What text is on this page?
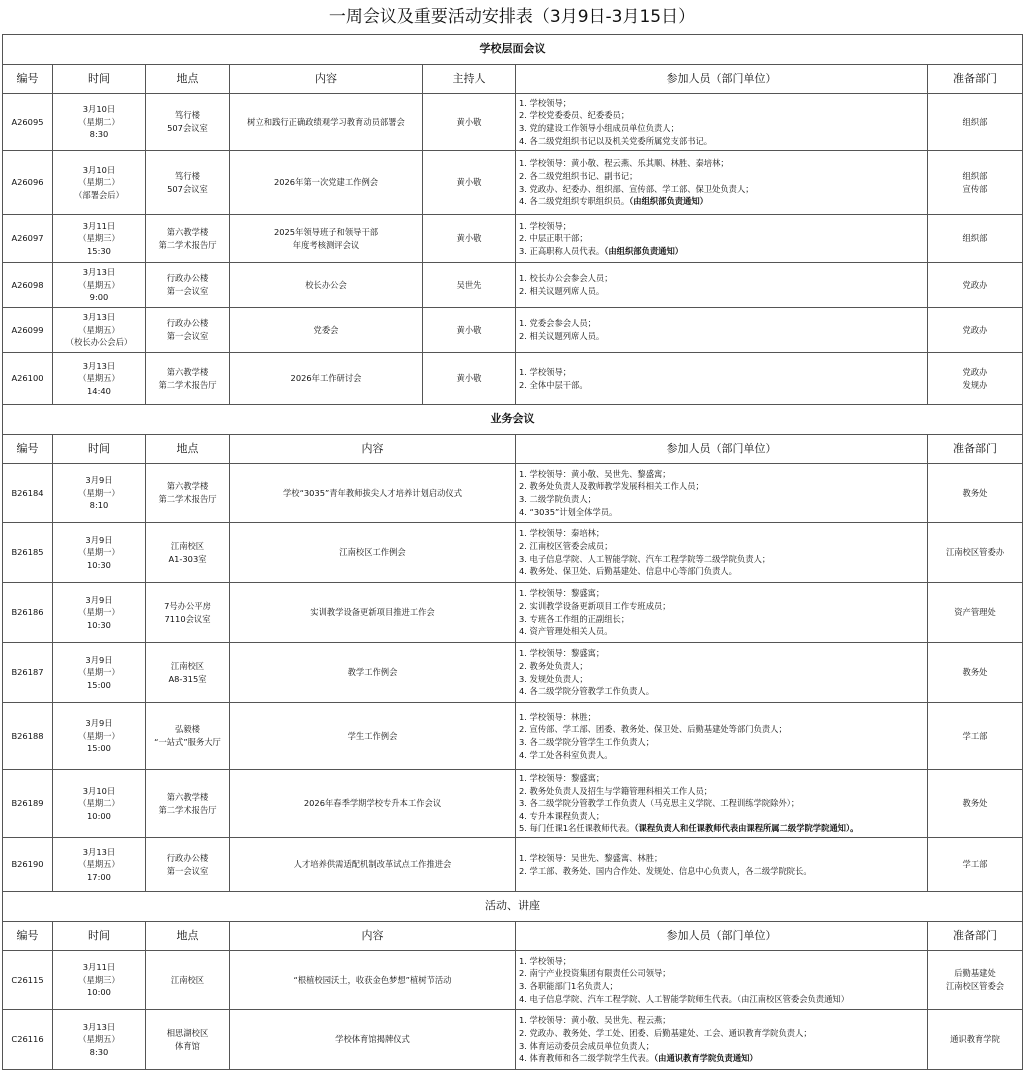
一周会议及重要活动安排表（3月9日-3月15日）
学校层面会议						
编号	时间	地点	内容	主持人	参加人员（部门单位）	准备部门
A26095	3月10日
（星期二）
8:30	笃行楼
507会议室	树立和践行正确政绩观学习教育动员部署会	黄小敬	1. 学校领导；
2. 学校党委委员、纪委委员；
3. 党的建设工作领导小组成员单位负责人；
4. 各二级党组织书记以及机关党委所属党支部书记。	组织部

A26096	3月10日
（星期二）
（部署会后）	笃行楼
507会议室	2026年第一次党建工作例会	黄小敬	1. 学校领导：黄小敬、程云燕、乐其顺、林胜、秦培林；
2. 各二级党组织书记、副书记；
3. 党政办、纪委办、组织部、宣传部、学工部、保卫处负责人；
4. 各二级党组织专职组织员。（由组织部负责通知）	组织部
宣传部

A26097	3月11日
（星期三）
15:30	第六教学楼
第二学术报告厅	2025年领导班子和领导干部
年度考核测评会议	黄小敬	1. 学校领导；
2. 中层正职干部；
3. 正高职称人员代表。（由组织部负责通知）	组织部

A26098	3月13日
（星期五）
9:00	行政办公楼
第一会议室	校长办公会	吴世先	1. 校长办公会参会人员；
2. 相关议题列席人员。	党政办

A26099	3月13日
（星期五）
（校长办公会后）	行政办公楼
第一会议室	党委会	黄小敬	1. 党委会参会人员；
2. 相关议题列席人员。	党政办

A26100	3月13日
（星期五）
14:40	第六教学楼
第二学术报告厅	2026年工作研讨会	黄小敬	1. 学校领导；
2. 全体中层干部。	党政办
发规办

业务会议						
编号	时间	地点	内容		参加人员（部门单位）	准备部门
B26184	3月9日
（星期一）
8:10	第六教学楼
第二学术报告厅	学校“3035”青年教师拔尖人才培养计划启动仪式		1. 学校领导：黄小敬、吴世先、黎盛寓；
2. 教务处负责人及教师教学发展科相关工作人员；
3. 二级学院负责人；
4. “3035”计划全体学员。	教务处

B26185	3月9日
（星期一）
10:30	江南校区
A1-303室	江南校区工作例会		1. 学校领导：秦培林；
2. 江南校区管委会成员；
3. 电子信息学院、人工智能学院、汽车工程学院等二级学院负责人；
4. 教务处、保卫处、后勤基建处、信息中心等部门负责人。	江南校区管委办

B26186	3月9日
（星期一）
10:30	7号办公平房
7110会议室	实训教学设备更新项目推进工作会		1. 学校领导：黎盛寓；
2. 实训教学设备更新项目工作专班成员；
3. 专班各工作组的正副组长；
4. 资产管理处相关人员。	资产管理处

B26187	3月9日
（星期一）
15:00	江南校区
A8-315室	教学工作例会		1. 学校领导：黎盛寓；
2. 教务处负责人；
3. 发规处负责人；
4. 各二级学院分管教学工作负责人。	教务处

B26188	3月9日
（星期一）
15:00	弘毅楼
“一站式”服务大厅	学生工作例会		1. 学校领导：林胜；
2. 宣传部、学工部、团委、教务处、保卫处、后勤基建处等部门负责人；
3. 各二级学院分管学生工作负责人；
4. 学工处各科室负责人。	学工部

B26189	3月10日
（星期二）
10:00	第六教学楼
第二学术报告厅	2026年春季学期学校专升本工作会议		1. 学校领导：黎盛寓；
2. 教务处负责人及招生与学籍管理科相关工作人员；
3. 各二级学院分管教学工作负责人（马克思主义学院、工程训练学院除外）；
4. 专升本课程负责人；
5. 每门任课1名任课教师代表。（课程负责人和任课教师代表由课程所属二级学院学院通知）。	教务处

B26190	3月13日
（星期五）
17:00	行政办公楼
第一会议室	人才培养供需适配机制改革试点工作推进会		1. 学校领导：吴世先、黎盛寓、林胜；
2. 学工部、教务处、国内合作处、发规处、信息中心负责人，各二级学院院长。	学工部

活动、讲座						
编号	时间	地点	内容		参加人员（部门单位）	准备部门
C26115	3月11日
（星期三）
10:00	江南校区	“根植校园沃土，收获金色梦想”植树节活动		1. 学校领导；
2. 南宁产业投资集团有限责任公司领导；
3. 各职能部门1名负责人；
4. 电子信息学院、汽车工程学院、人工智能学院师生代表。（由江南校区管委会负责通知）	后勤基建处
江南校区管委会

C26116	3月13日
（星期五）
8:30	相思湖校区
体育馆	学校体育馆揭牌仪式		1. 学校领导：黄小敬、吴世先、程云燕；
2. 党政办、教务处、学工处、团委、后勤基建处、工会、通识教育学院负责人；
3. 体育运动委员会成员单位负责人；
4. 体育教师和各二级学院学生代表。（由通识教育学院负责通知）	通识教育学院
